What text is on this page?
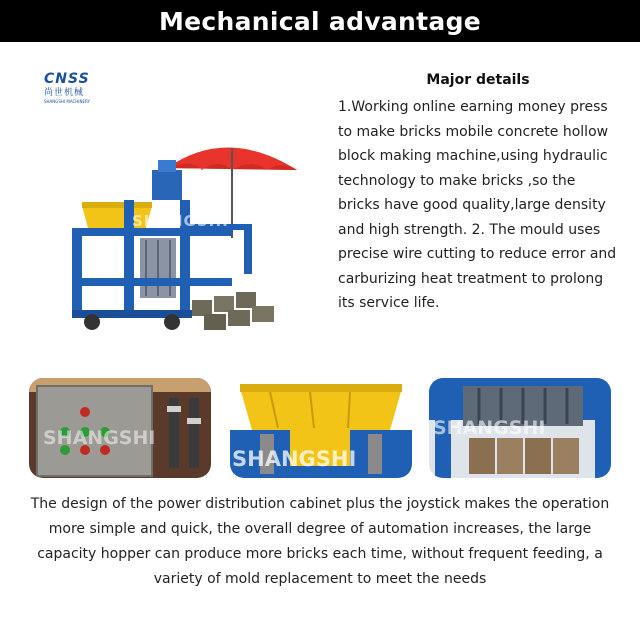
Mechanical advantage
CNSS
尚世机械
SHANGSHI MACHINERY
SHANGSHI

Major details

1.Working online earning money press to make bricks mobile concrete hollow block making machine,using hydraulic technology to make bricks ,so the bricks have good quality,large density and high strength. 2. The mould uses precise wire cutting to reduce error and carburizing heat treatment to prolong its service life.

SHANGSHI
SHANGSHI
SHANGSHI

The design of the power distribution cabinet plus the joystick makes the operation more simple and quick, the overall degree of automation increases, the large capacity hopper can produce more bricks each time, without frequent feeding, a variety of mold replacement to meet the needs
